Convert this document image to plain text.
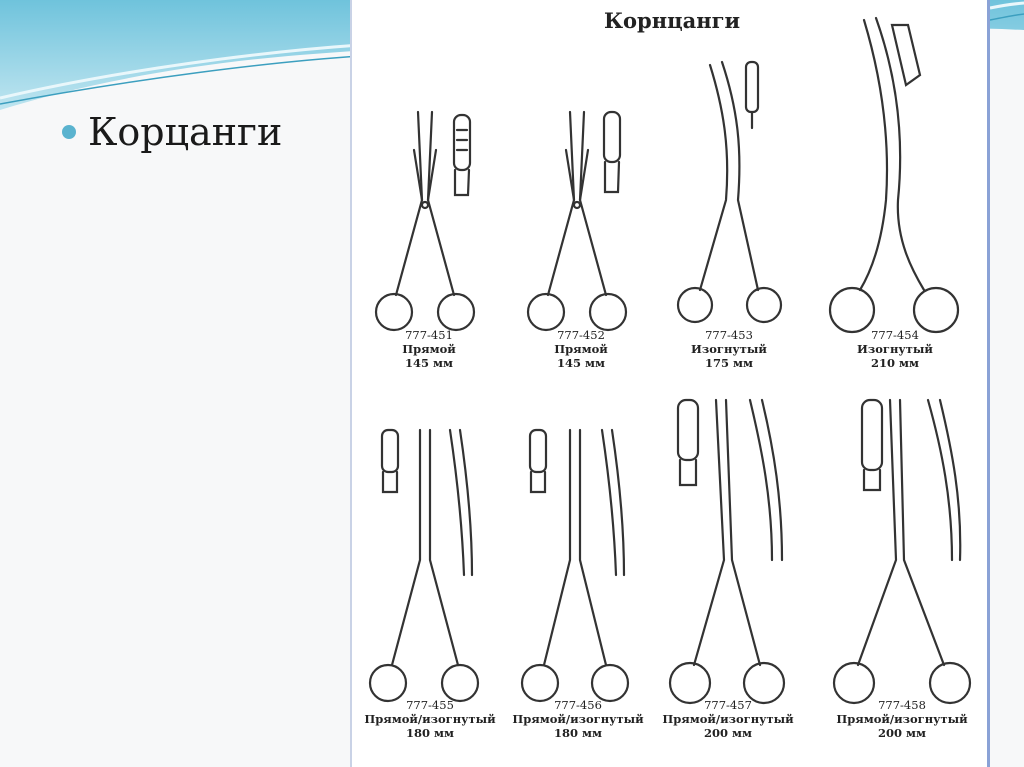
Корцанги
Корнцанги
777-451
Прямой
145 мм
777-452
Прямой
145 мм
777-453
Изогнутый
175 мм
777-454
Изогнутый
210 мм
777-455
Прямой/изогнутый
180 мм
777-456
Прямой/изогнутый
180 мм
777-457
Прямой/изогнутый
200 мм
777-458
Прямой/изогнутый
200 мм
